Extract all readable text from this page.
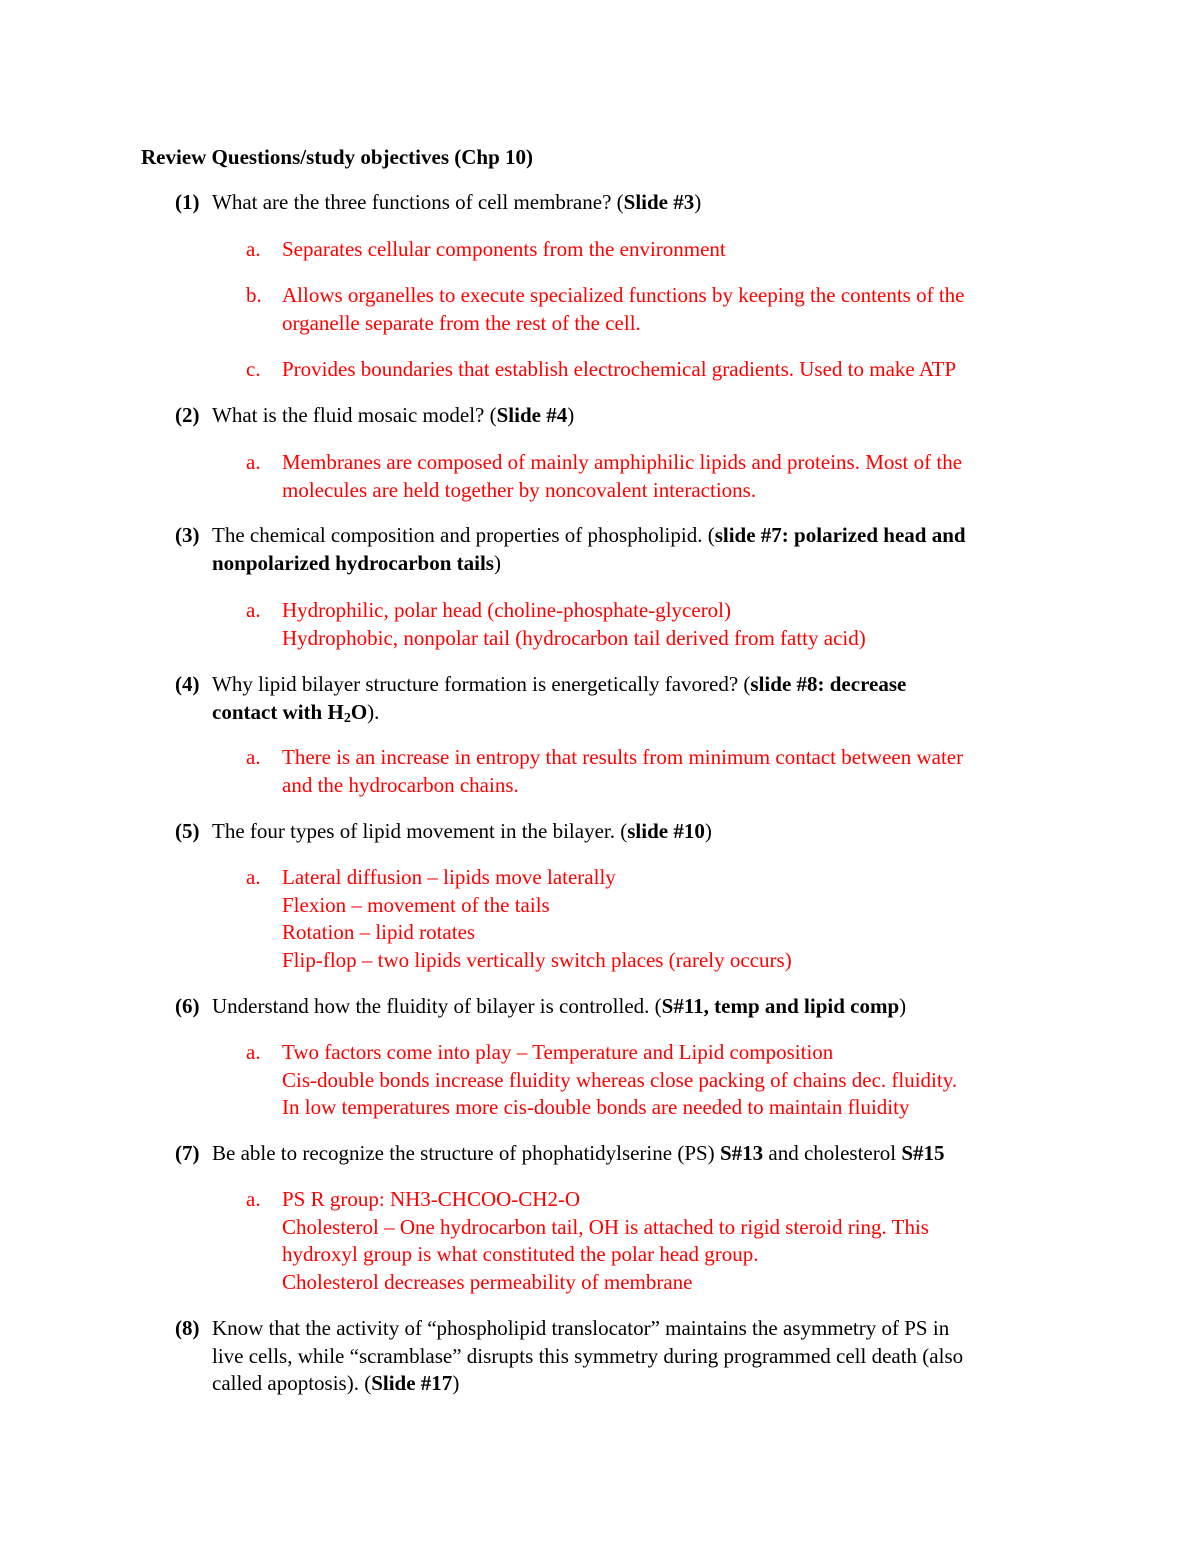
Review Questions/study objectives (Chp 10)
(1) What are the three functions of cell membrane? (Slide #3)
a. Separates cellular components from the environment
b. Allows organelles to execute specialized functions by keeping the contents of the
organelle separate from the rest of the cell.
c. Provides boundaries that establish electrochemical gradients. Used to make ATP
(2) What is the fluid mosaic model? (Slide #4)
a. Membranes are composed of mainly amphiphilic lipids and proteins. Most of the
molecules are held together by noncovalent interactions.
(3) The chemical composition and properties of phospholipid. (slide #7: polarized head and
nonpolarized hydrocarbon tails)
a. Hydrophilic, polar head (choline-phosphate-glycerol)
Hydrophobic, nonpolar tail (hydrocarbon tail derived from fatty acid)
(4) Why lipid bilayer structure formation is energetically favored? (slide #8: decrease
contact with $H_2O$).
a. There is an increase in entropy that results from minimum contact between water
and the hydrocarbon chains.
(5) The four types of lipid movement in the bilayer. (slide #10)
a. Lateral diffusion – lipids move laterally
Flexion – movement of the tails
Rotation – lipid rotates
Flip-flop – two lipids vertically switch places (rarely occurs)
(6) Understand how the fluidity of bilayer is controlled. (S#11, temp and lipid comp)
a. Two factors come into play – Temperature and Lipid composition
Cis-double bonds increase fluidity whereas close packing of chains dec. fluidity.
In low temperatures more cis-double bonds are needed to maintain fluidity
(7) Be able to recognize the structure of phophatidylserine (PS) S#13 and cholesterol S#15
a. PS R group: NH3-CHCOO-CH2-O
Cholesterol – One hydrocarbon tail, OH is attached to rigid steroid ring. This
hydroxyl group is what constituted the polar head group.
Cholesterol decreases permeability of membrane
(8) Know that the activity of “phospholipid translocator” maintains the asymmetry of PS in
live cells, while “scramblase” disrupts this symmetry during programmed cell death (also
called apoptosis). (Slide #17)
